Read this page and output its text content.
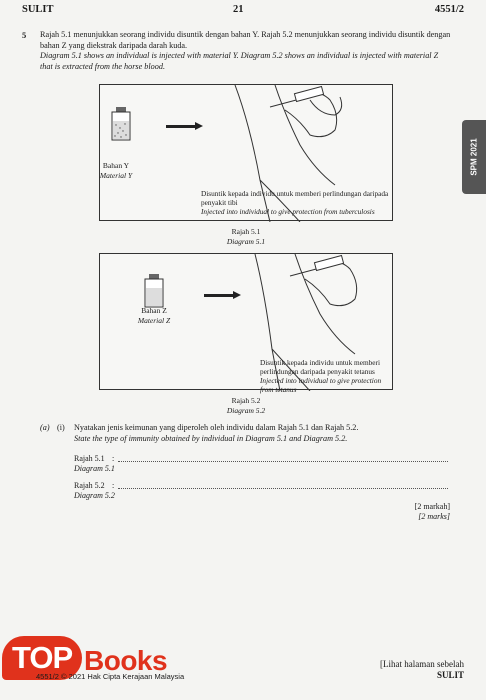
SULIT	21	4551/2
SPM 2021
5 Rajah 5.1 menunjukkan seorang individu disuntik dengan bahan Y. Rajah 5.2 menunjukkan seorang individu disuntik dengan bahan Z yang diekstrak daripada darah kuda.
Diagram 5.1 shows an individual is injected with material Y. Diagram 5.2 shows an individual is injected with material Z that is extracted from the horse blood.
Bahan Y
Material Y
Disuntik kepada individu untuk memberi perlindungan daripada penyakit tibi
Injected into individual to give protection from tuberculosis
Rajah 5.1
Diagram 5.1
Bahan Z
Material Z
Disuntik kepada individu untuk memberi perlindungan daripada penyakit tetanus
Injected into individual to give protection from tetanus
Rajah 5.2
Diagram 5.2
(a) (i) Nyatakan jenis keimunan yang diperoleh oleh individu dalam Rajah 5.1 dan Rajah 5.2.
State the type of immunity obtained by individual in Diagram 5.1 and Diagram 5.2.
Rajah 5.1
Diagram 5.1
:
Rajah 5.2
Diagram 5.2
:
[2 markah]
[2 marks]
TOP Books
4551/2 © 2021 Hak Cipta Kerajaan Malaysia
[Lihat halaman sebelah
SULIT
